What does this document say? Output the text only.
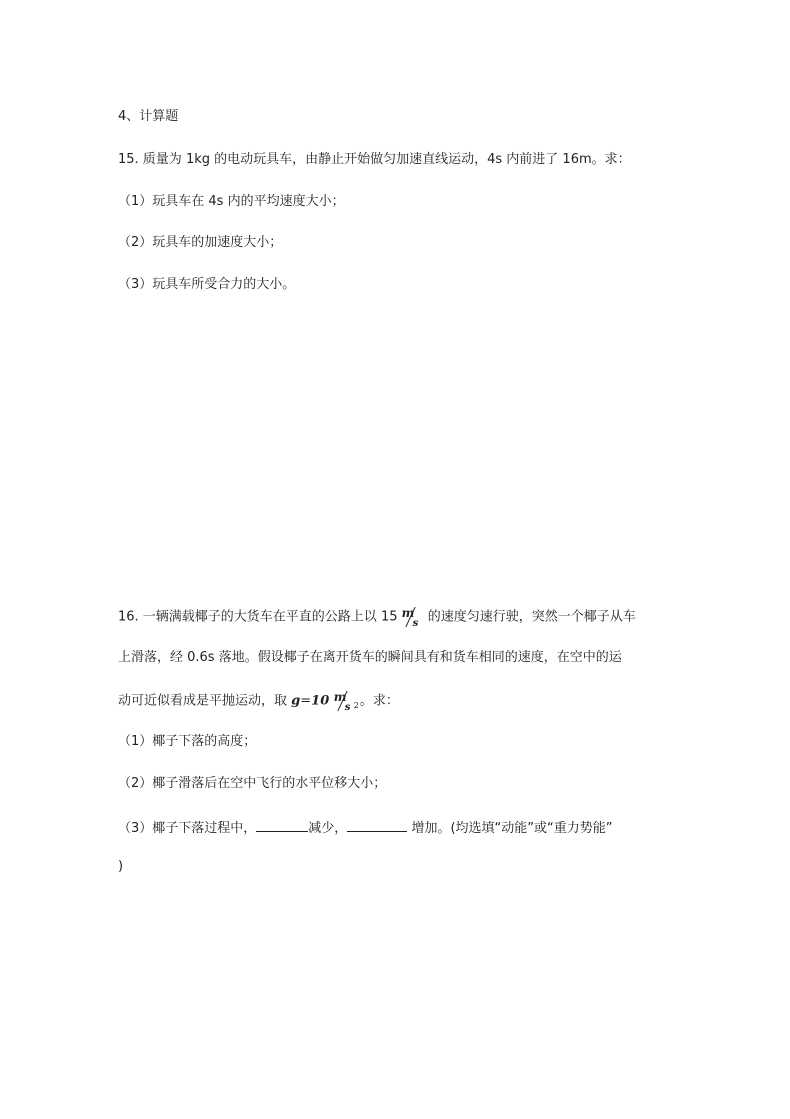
4、计算题
15. 质量为 1kg 的电动玩具车，由静止开始做匀加速直线运动，4s 内前进了 16m。求：
（1）玩具车在 4s 内的平均速度大小；
（2）玩具车的加速度大小；
（3）玩具车所受合力的大小。
16. 一辆满载椰子的大货车在平直的公路上以 15 m
s 的速度匀速行驶，突然一个椰子从车
上滑落，经 0.6s 落地。假设椰子在离开货车的瞬间具有和货车相同的速度，在空中的运
动可近似看成是平抛运动，取 g=10 m
s 2 。求：
（1）椰子下落的高度；
（2）椰子滑落后在空中飞行的水平位移大小；
（3）椰子下落过程中，	减少，	增加。(均选填“动能”或“重力势能”
)
